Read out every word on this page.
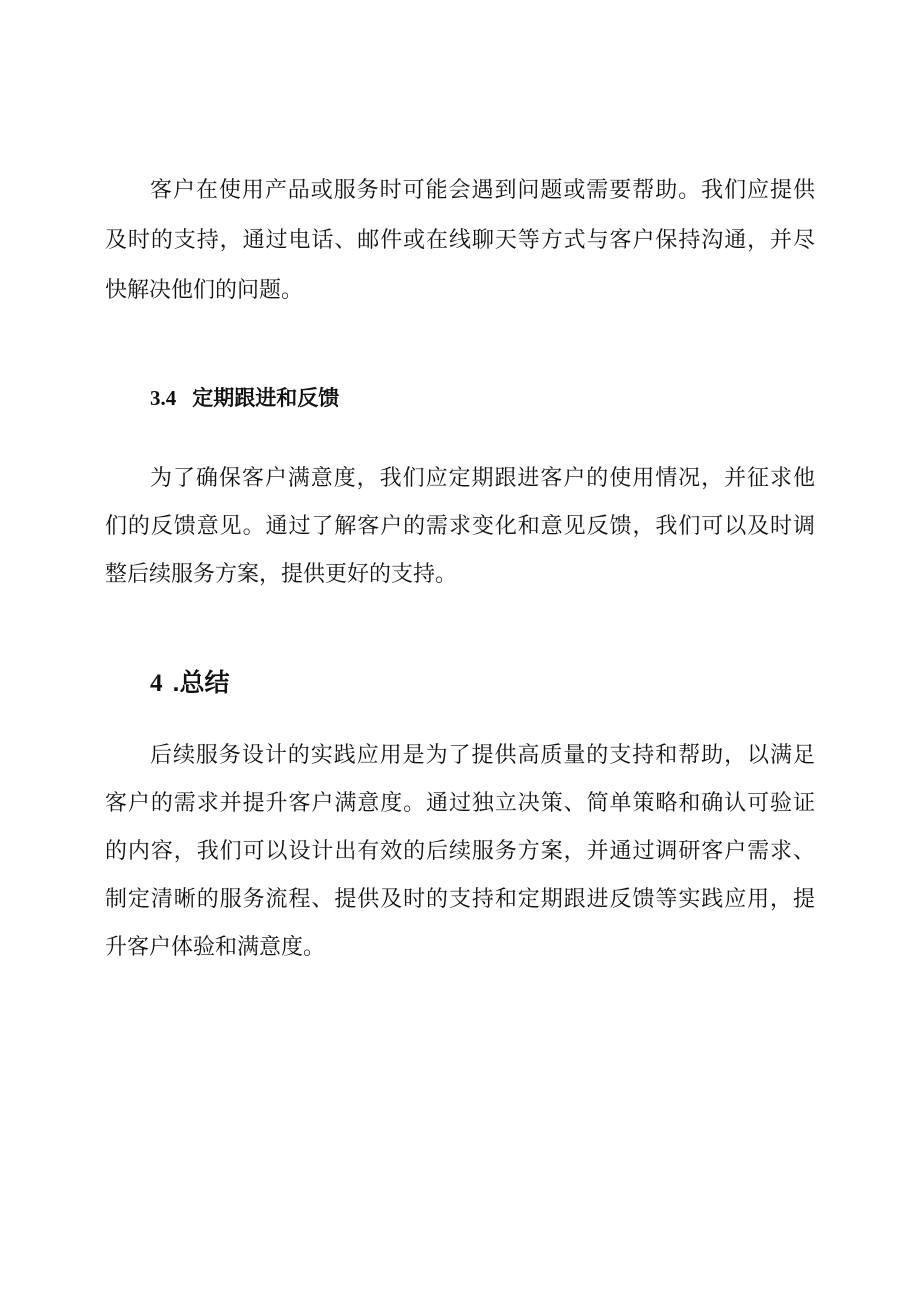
客户在使用产品或服务时可能会遇到问题或需要帮助。我们应提供
及时的支持，通过电话、邮件或在线聊天等方式与客户保持沟通，并尽
快解决他们的问题。
3.4 定期跟进和反馈
为了确保客户满意度，我们应定期跟进客户的使用情况，并征求他
们的反馈意见。通过了解客户的需求变化和意见反馈，我们可以及时调
整后续服务方案，提供更好的支持。
4 .总结
后续服务设计的实践应用是为了提供高质量的支持和帮助，以满足
客户的需求并提升客户满意度。通过独立决策、简单策略和确认可验证
的内容，我们可以设计出有效的后续服务方案，并通过调研客户需求、
制定清晰的服务流程、提供及时的支持和定期跟进反馈等实践应用，提
升客户体验和满意度。
